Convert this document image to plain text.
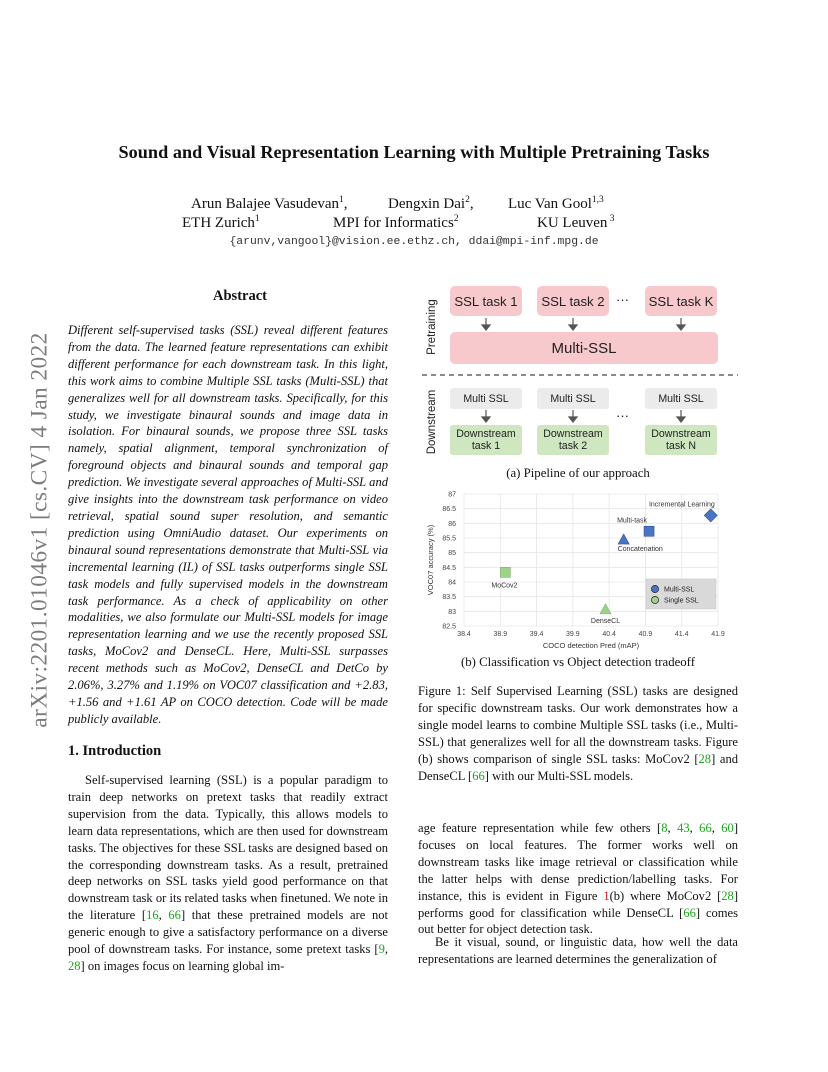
Sound and Visual Representation Learning with Multiple Pretraining Tasks
Arun Balajee Vasudevan$^1$,	Dengxin Dai$^2$, Luc Van Gool$^{1,3}$
ETH Zurich$^1$	MPI for Informatics$^2$	KU Leuven $^3$
{arunv,vangool}@vision.ee.ethz.ch, ddai@mpi-inf.mpg.de
arXiv:2201.01046v1 [cs.CV] 4 Jan 2022
Abstract

Different self-supervised tasks (SSL) reveal different features from the data. The learned feature representations can exhibit different performance for each downstream task. In this light, this work aims to combine Multiple SSL tasks (Multi-SSL) that generalizes well for all downstream tasks. Specifically, for this study, we investigate binaural sounds and image data in isolation. For binaural sounds, we propose three SSL tasks namely, spatial alignment, temporal synchronization of foreground objects and binaural sounds and temporal gap prediction. We investigate several approaches of Multi-SSL and give insights into the downstream task performance on video retrieval, spatial sound super resolution, and semantic prediction using OmniAudio dataset. Our experiments on binaural sound representations demonstrate that Multi-SSL via incremental learning (IL) of SSL tasks outperforms single SSL task models and fully supervised models in the downstream task performance. As a check of applicability on other modalities, we also formulate our Multi-SSL models for image representation learning and we use the recently proposed SSL tasks, MoCov2 and DenseCL. Here, Multi-SSL surpasses recent methods such as MoCov2, DenseCL and DetCo by 2.06%, 3.27% and 1.19% on VOC07 classification and +2.83, +1.56 and +1.61 AP on COCO detection. Code will be made publicly available.

1. Introduction

Self-supervised learning (SSL) is a popular paradigm to train deep networks on pretext tasks that readily extract supervision from the data. Typically, this allows models to learn data representations, which are then used for downstream tasks. The objectives for these SSL tasks are designed based on the corresponding downstream tasks. As a result, pretrained deep networks on SSL tasks yield good performance on that downstream task or its related tasks when finetuned. We note in the literature [16, 66] that these pretrained models are not generic enough to give a satisfactory performance on a diverse pool of downstream tasks. For instance, some pretext tasks [9, 28] on images focus on learning global im-

age feature representation while few others [8, 43, 66, 60] focuses on local features. The former works well on downstream tasks like image retrieval or classification while the latter helps with dense prediction/labelling tasks. For instance, this is evident in Figure 1(b) where MoCov2 [28] performs good for classification while DenseCL [66] comes out better for object detection task.

Be it visual, sound, or linguistic data, how well the data representations are learned determines the generalization of

Pretraining
Downstream
SSL task 1	SSL task 2 ··· SSL task K
Multi-SSL
Multi SSL	Multi SSL
···
Multi SSL
Downstream task 1
Downstream task 2
Downstream task N
(a) Pipeline of our approach
82.5
83
83.5
84
84.5
85
85.5
86
86.5
87
38.4	38.9	39.4	39.9	40.4	40.9	41.4	41.9
COCO detection Pred (mAP)
VOC07 accuracy (%)	MoCov2
DenseCL
Concatenation
Multi-task
Incremental Learning
Multi-SSL
Single SSL
(b) Classification vs Object detection tradeoff

Figure 1: Self Supervised Learning (SSL) tasks are designed for specific downstream tasks. Our work demonstrates how a single model learns to combine Multiple SSL tasks (i.e., Multi-SSL) that generalizes well for all the downstream tasks. Figure (b) shows comparison of single SSL tasks: MoCov2 [28] and DenseCL [66] with our Multi-SSL models.
